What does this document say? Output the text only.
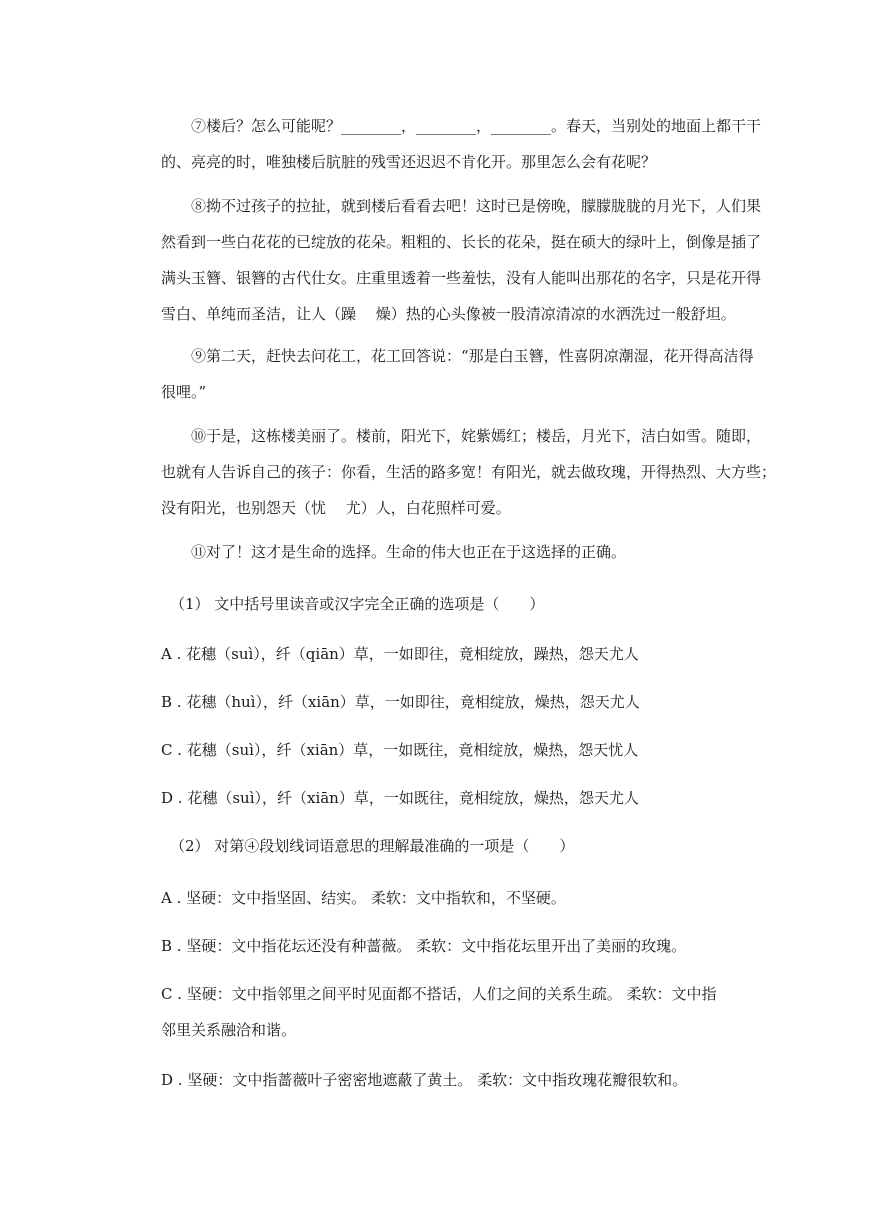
⑦楼后？怎么可能呢？________，________，________。春天，当别处的地面上都干干
的、亮亮的时，唯独楼后肮脏的残雪还迟迟不肯化开。那里怎么会有花呢？
⑧拗不过孩子的拉扯，就到楼后看看去吧！这时已是傍晚，朦朦胧胧的月光下，人们果
然看到一些白花花的已绽放的花朵。粗粗的、长长的花朵，挺在硕大的绿叶上，倒像是插了
满头玉簪、银簪的古代仕女。庄重里透着一些羞怯，没有人能叫出那花的名字，只是花开得
雪白、单纯而圣洁，让人（躁　 燥）热的心头像被一股清凉清凉的水洒洗过一般舒坦。
⑨第二天，赶快去问花工，花工回答说：“那是白玉簪，性喜阴凉潮湿，花开得高洁得
很哩。”
⑩于是，这栋楼美丽了。楼前，阳光下，姹紫嫣红；楼岳，月光下，洁白如雪。随即，
也就有人告诉自己的孩子：你看，生活的路多宽！有阳光，就去做玫瑰，开得热烈、大方些；
没有阳光，也别怨天（忧　 尤）人，白花照样可爱。
⑪对了！这才是生命的选择。生命的伟大也正在于这选择的正确。
（1） 文中括号里读音或汉字完全正确的选项是（　　）
A . 花穗（suì），纤（qiān）草，一如即往，竟相绽放，躁热，怨天尤人
B . 花穗（huì），纤（xiān）草，一如即往，竟相绽放，燥热，怨天尤人
C . 花穗（suì），纤（xiān）草，一如既往，竟相绽放，燥热，怨天忧人
D . 花穗（suì），纤（xiān）草，一如既往，竟相绽放，燥热，怨天尤人
（2） 对第④段划线词语意思的理解最准确的一项是（　　）
A . 坚硬：文中指坚固、结实。 柔软：文中指软和，不坚硬。
B . 坚硬：文中指花坛还没有种蔷薇。 柔软：文中指花坛里开出了美丽的玫瑰。
C . 坚硬：文中指邻里之间平时见面都不搭话，人们之间的关系生疏。 柔软：文中指
邻里关系融洽和谐。
D . 坚硬：文中指蔷薇叶子密密地遮蔽了黄土。 柔软：文中指玫瑰花瓣很软和。
